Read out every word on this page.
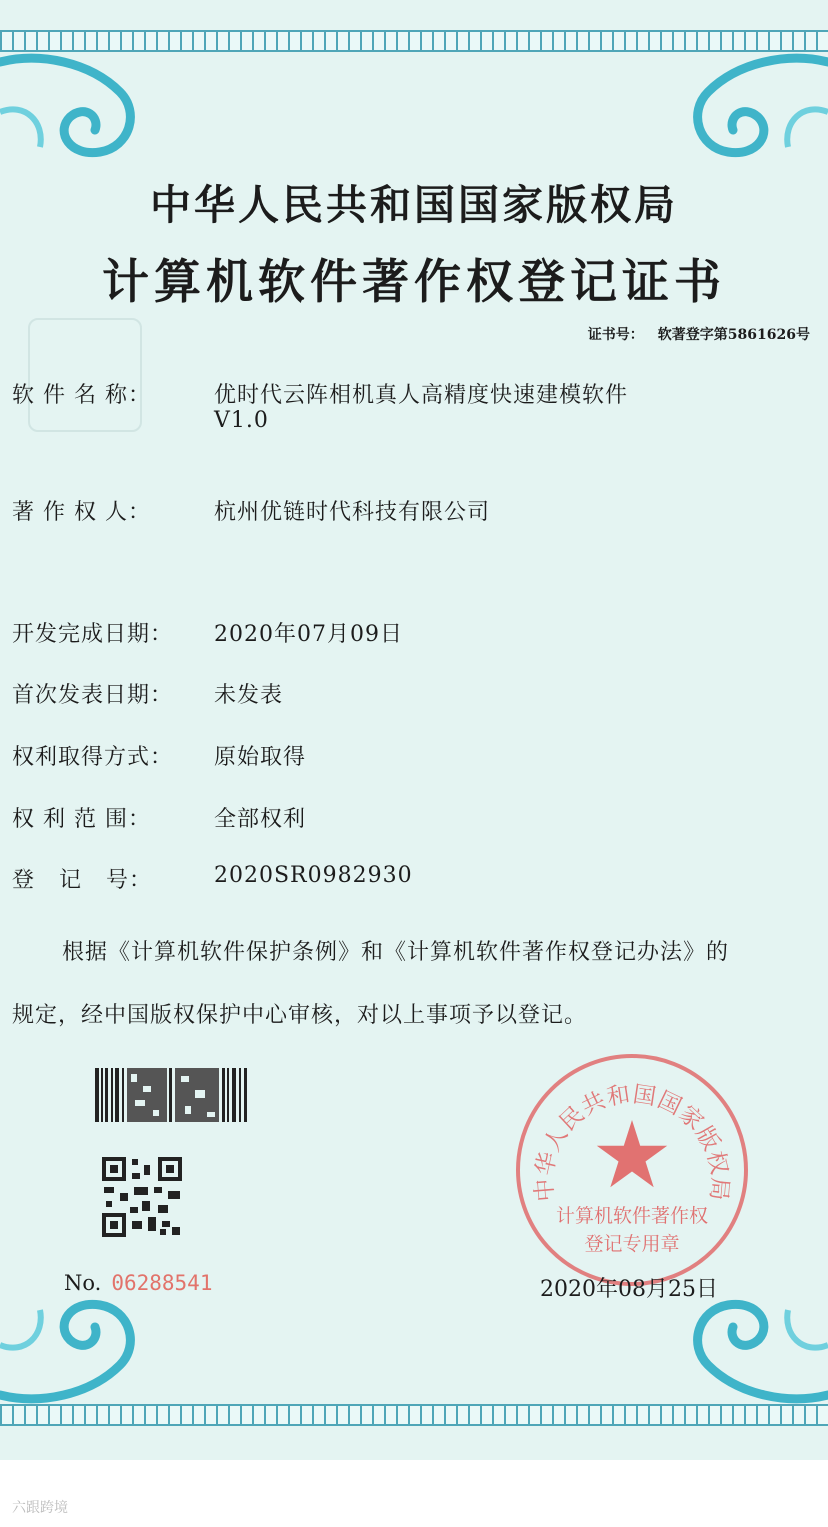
中华人民共和国国家版权局
计算机软件著作权登记证书
证书号： 软著登字第5861626号
软 件 名 称：	优时代云阵相机真人高精度快速建模软件
V1.0
著 作 权 人：	杭州优链时代科技有限公司
开发完成日期：	2020年07月09日
首次发表日期：	未发表
权利取得方式：	原始取得
权 利 范 围：	全部权利
登   记   号：	2020SR0982930
根据《计算机软件保护条例》和《计算机软件著作权登记办法》的
规定，经中国版权保护中心审核，对以上事项予以登记。
No. 06288541
中华人民共和国国家版权局
计算机软件著作权
登记专用章
2020年08月25日
六跟跨境
